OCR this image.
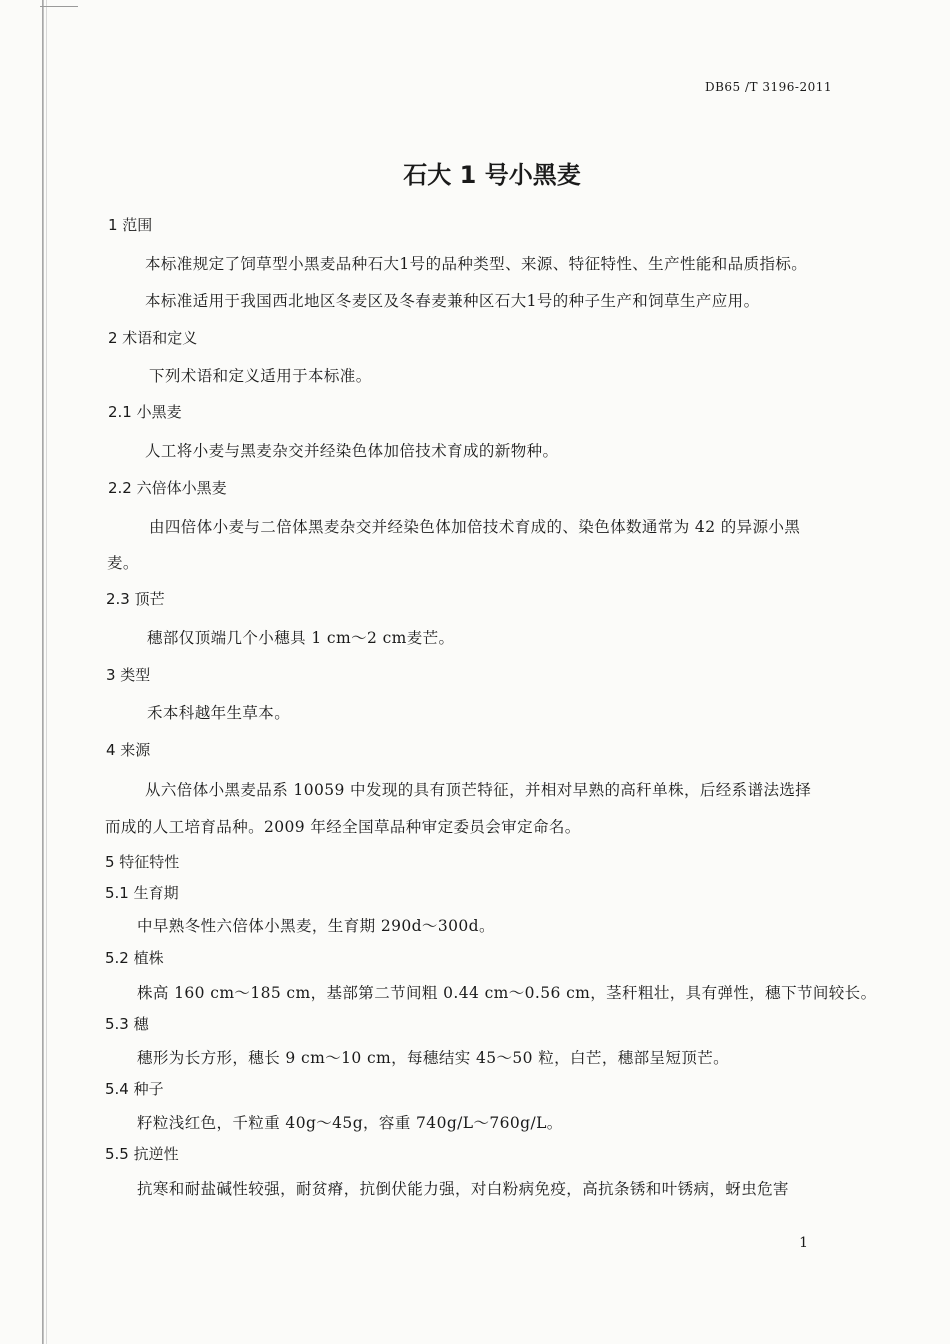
DB65 /T 3196-2011
石大 1 号小黑麦
1 范围
本标准规定了饲草型小黑麦品种石大1号的品种类型、来源、特征特性、生产性能和品质指标。
本标准适用于我国西北地区冬麦区及冬春麦兼种区石大1号的种子生产和饲草生产应用。
2 术语和定义
下列术语和定义适用于本标准。
2.1 小黑麦
人工将小麦与黑麦杂交并经染色体加倍技术育成的新物种。
2.2 六倍体小黑麦
由四倍体小麦与二倍体黑麦杂交并经染色体加倍技术育成的、染色体数通常为 42 的异源小黑
麦。
2.3 顶芒
穗部仅顶端几个小穗具 1 cm～2 cm麦芒。
3 类型
禾本科越年生草本。
4 来源
从六倍体小黑麦品系 10059 中发现的具有顶芒特征，并相对早熟的高秆单株，后经系谱法选择
而成的人工培育品种。2009 年经全国草品种审定委员会审定命名。
5 特征特性
5.1 生育期
中早熟冬性六倍体小黑麦，生育期 290d～300d。
5.2 植株
株高 160 cm～185 cm，基部第二节间粗 0.44 cm～0.56 cm，茎秆粗壮，具有弹性，穗下节间较长。
5.3 穗
穗形为长方形，穗长 9 cm～10 cm，每穗结实 45～50 粒，白芒，穗部呈短顶芒。
5.4 种子
籽粒浅红色，千粒重 40g～45g，容重 740g/L～760g/L。
5.5 抗逆性
抗寒和耐盐碱性较强，耐贫瘠，抗倒伏能力强，对白粉病免疫，高抗条锈和叶锈病，蚜虫危害
1
